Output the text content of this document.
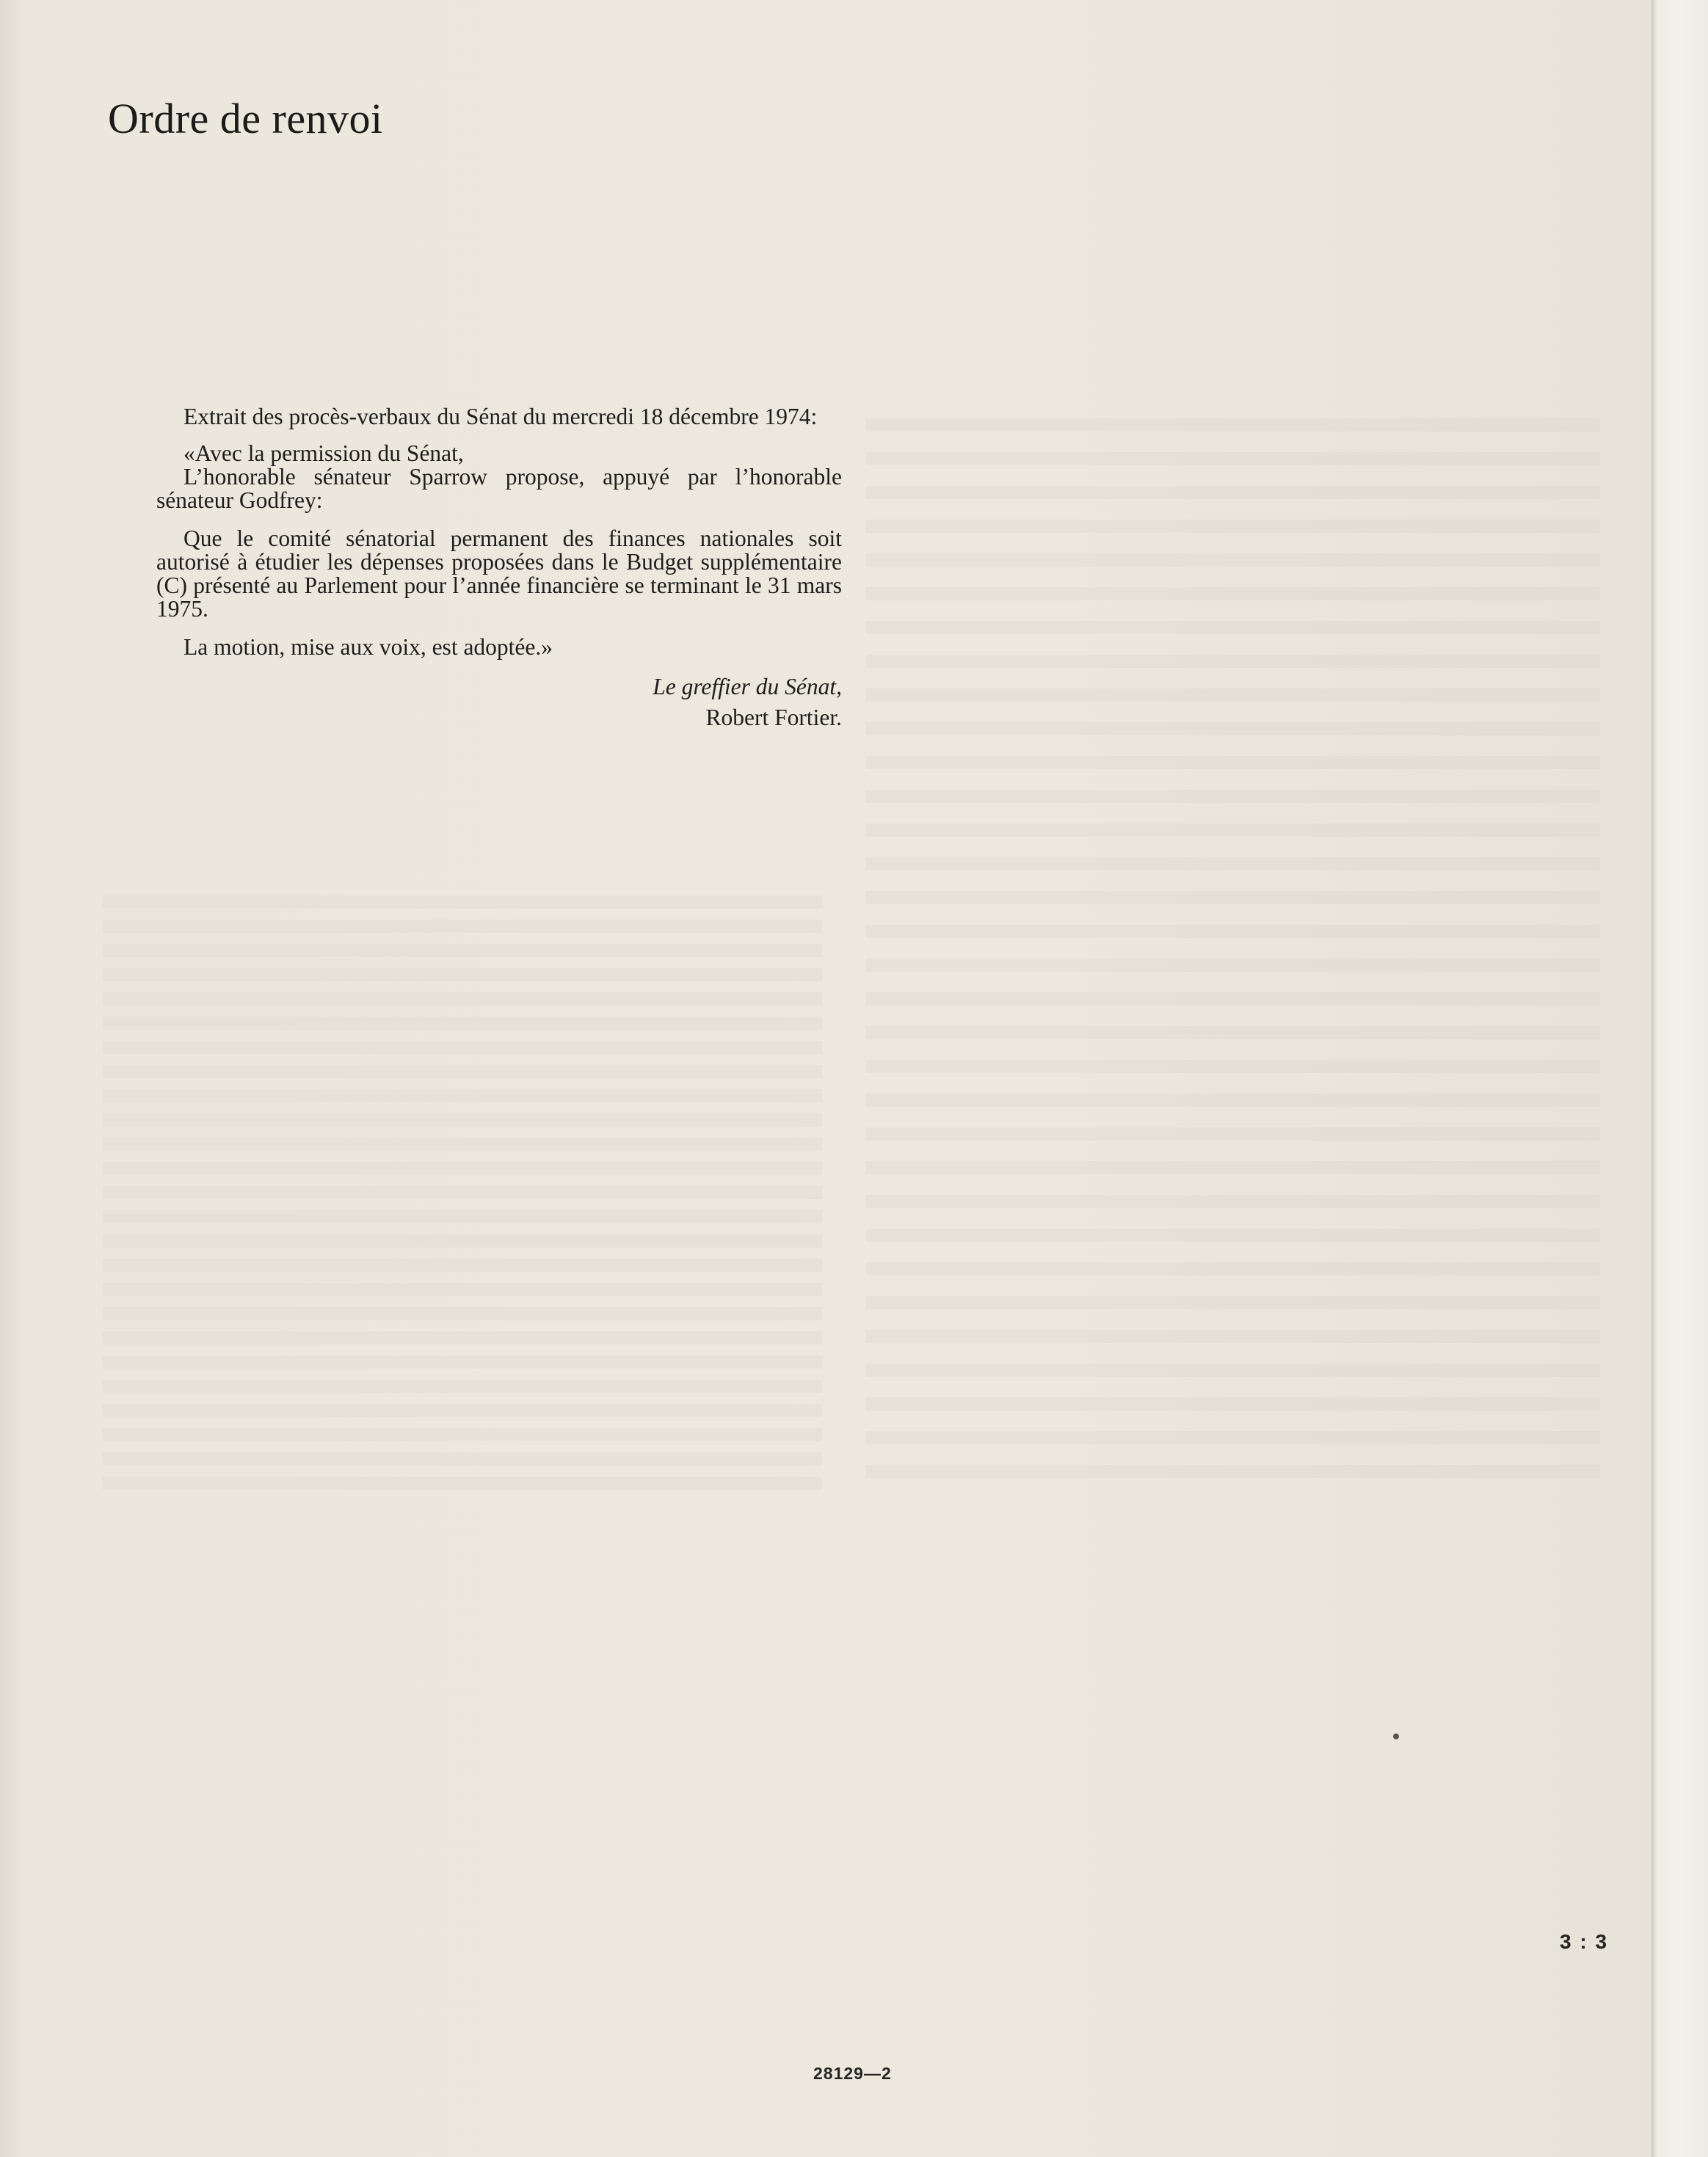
Ordre de renvoi

Extrait des procès-verbaux du Sénat du mercredi 18 décembre 1974:

«Avec la permission du Sénat,

L’honorable sénateur Sparrow propose, appuyé par l’honorable sénateur Godfrey:

Que le comité sénatorial permanent des finances nationales soit autorisé à étudier les dépenses proposées dans le Budget supplémentaire (C) présenté au Parlement pour l’année financière se terminant le 31 mars 1975.

La motion, mise aux voix, est adoptée.»

Le greffier du Sénat,

Robert Fortier.

3 : 3
28129—2
